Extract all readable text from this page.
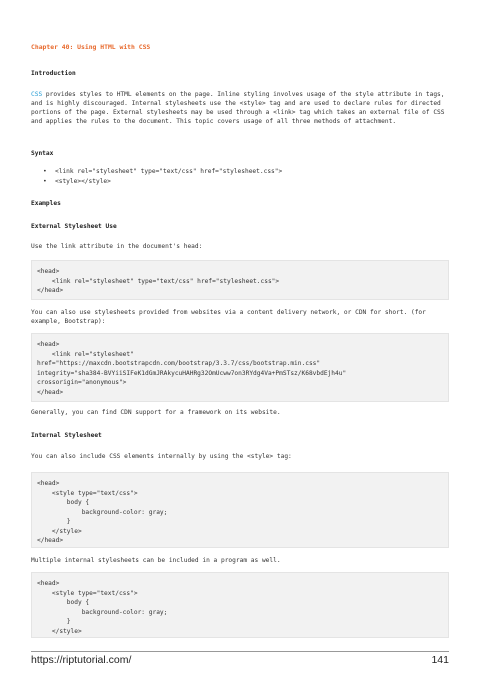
Chapter 40: Using HTML with CSS
Introduction

CSS provides styles to HTML elements on the page. Inline styling involves usage of the style attribute in tags, and is highly discouraged. Internal stylesheets use the <style> tag and are used to declare rules for directed portions of the page. External stylesheets may be used through a <link> tag which takes an external file of CSS and applies the rules to the document. This topic covers usage of all three methods of attachment.

Syntax
• <link rel="stylesheet" type="text/css" href="stylesheet.css">
• <style></style>
Examples
External Stylesheet Use

Use the link attribute in the document's head:

<head>
<link rel="stylesheet" type="text/css" href="stylesheet.css">
</head>

You can also use stylesheets provided from websites via a content delivery network, or CDN for short. (for example, Bootstrap):

<head>
<link rel="stylesheet"
href="https://maxcdn.bootstrapcdn.com/bootstrap/3.3.7/css/bootstrap.min.css"
integrity="sha384-BVYiiSIFeK1dGmJRAkycuHAHRg32OmUcww7on3RYdg4Va+PmSTsz/K68vbdEjh4u"
crossorigin="anonymous">
</head>

Generally, you can find CDN support for a framework on its website.

Internal Stylesheet

You can also include CSS elements internally by using the <style> tag:

<head>
<style type="text/css">
body {
background-color: gray;
}
</style>
</head>

Multiple internal stylesheets can be included in a program as well.

<head>
<style type="text/css">
body {
background-color: gray;
}
</style>
https://riptutorial.com/	141
